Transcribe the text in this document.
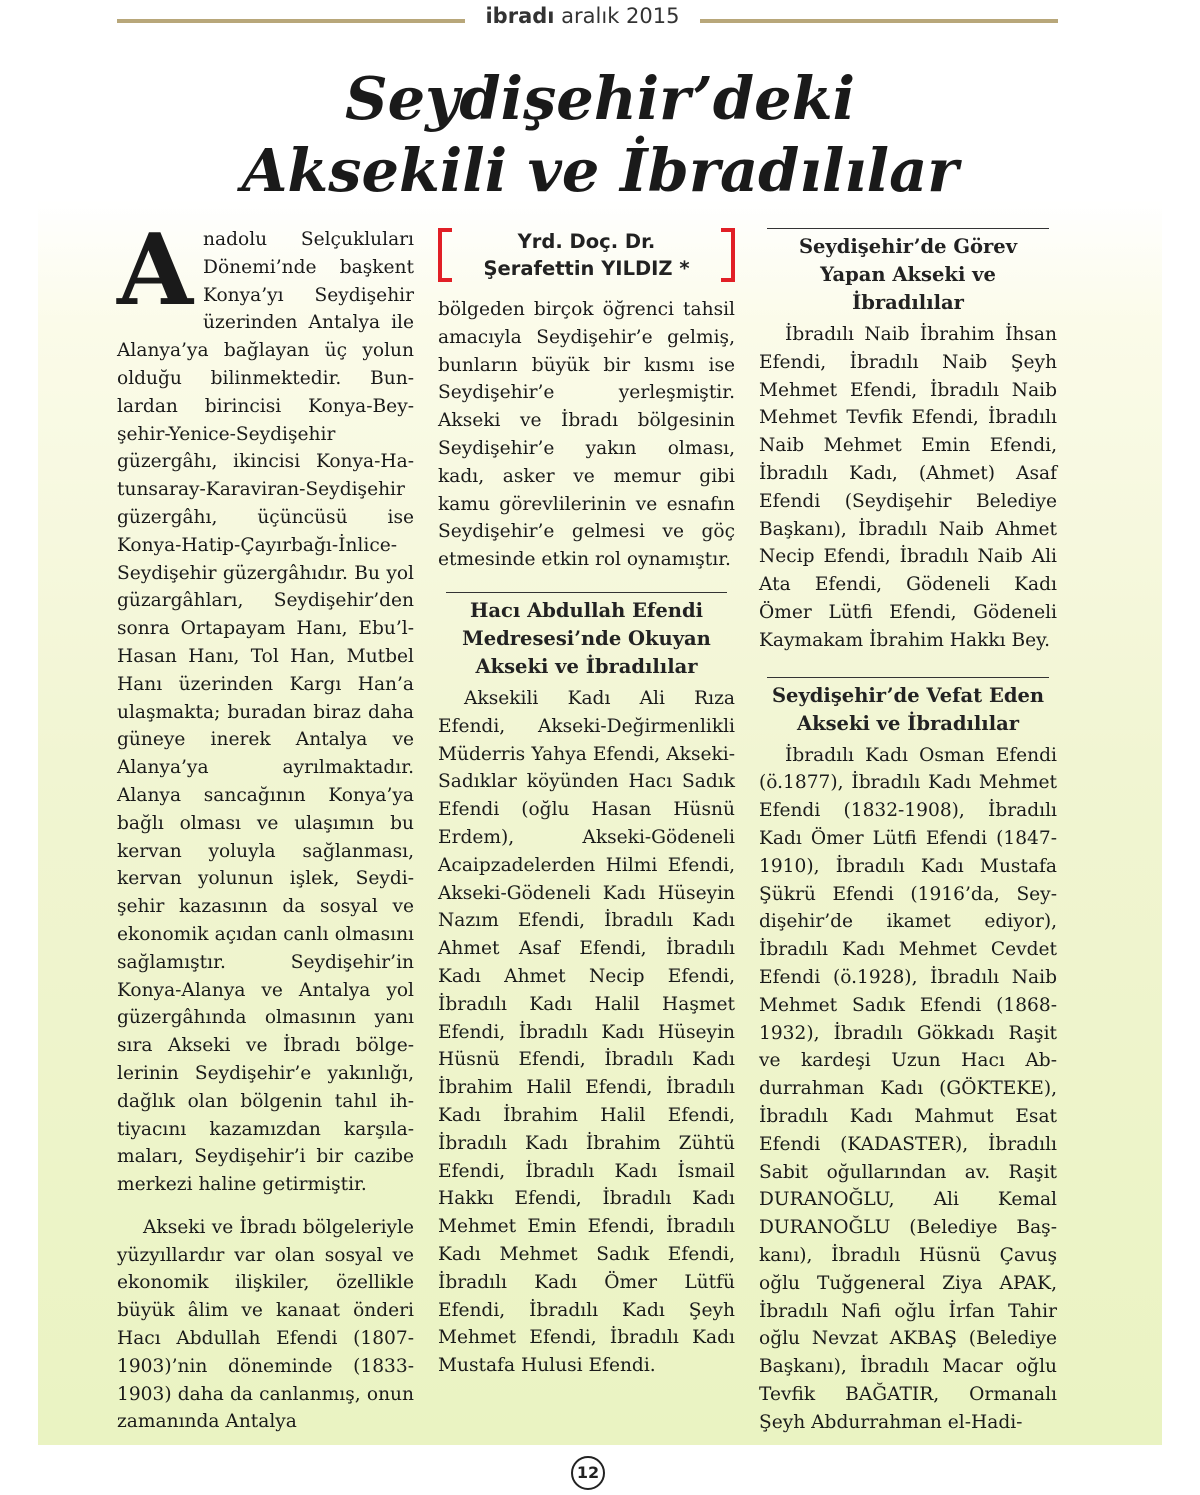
ibradı aralık 2015
Seydişehir’deki
Aksekili ve İbradılılar

Anadolu Selçukluları Dönemi’nde başkent Konya’yı Seydişehir üzerinden Antalya ile Alanya’ya bağlayan üç yolun olduğu bilinmektedir. Bunlardan birincisi Konya-Beyşehir-Yenice-Seydişehir güzergâhı, ikincisi Konya-Hatunsaray-Karaviran-Seydişehir güzergâhı, üçüncüsü ise Konya-Hatip-Çayırbağı-İnlice-Seydişehir güzergâhıdır. Bu yol güzargâhları, Seydişehir’den sonra Ortapayam Hanı, Ebu’l-Hasan Hanı, Tol Han, Mutbel Hanı üzerinden Kargı Han’a ulaşmakta; buradan biraz daha güneye inerek Antalya ve Alanya’ya ayrılmaktadır. Alanya sancağının Konya’ya bağlı olması ve ulaşımın bu kervan yoluyla sağlanması, kervan yolunun işlek, Seydişehir kazasının da sosyal ve ekonomik açıdan canlı olmasını sağlamıştır. Seydişehir’in Konya-Alanya ve Antalya yol güzergâhında olmasının yanı sıra Akseki ve İbradı bölgelerinin Seydişehir’e yakınlığı, dağlık olan bölgenin tahıl ihtiyacını kazamızdan karşılamaları, Seydişehir’i bir cazibe merkezi haline getirmiştir.

Akseki ve İbradı bölgeleriyle yüzyıllardır var olan sosyal ve ekonomik ilişkiler, özellikle büyük âlim ve kanaat önderi Hacı Abdullah Efendi (1807-1903)’nin döneminde (1833-1903) daha da canlanmış, onun zamanında Antalya

Yrd. Doç. Dr.
Şerafettin YILDIZ *

bölgeden birçok öğrenci tahsil amacıyla Seydişehir’e gelmiş, bunların büyük bir kısmı ise Seydişehir’e yerleşmiştir. Akseki ve İbradı bölgesinin Seydişehir’e yakın olması, kadı, asker ve memur gibi kamu görevlilerinin ve esnafın Seydişehir’e gelmesi ve göç etmesinde etkin rol oynamıştır.

Hacı Abdullah Efendi Medresesi’nde Okuyan Akseki ve İbradılılar

Aksekili Kadı Ali Rıza Efendi, Akseki-Değirmenlikli Müderris Yahya Efendi, Akseki-Sadıklar köyünden Hacı Sadık Efendi (oğlu Hasan Hüsnü Erdem), Akseki-Gödeneli Acaipzadelerden Hilmi Efendi, Akseki-Gödeneli Kadı Hüseyin Nazım Efendi, İbradılı Kadı Ahmet Asaf Efendi, İbradılı Kadı Ahmet Necip Efendi, İbradılı Kadı Halil Haşmet Efendi, İbradılı Kadı Hüseyin Hüsnü Efendi, İbradılı Kadı İbrahim Halil Efendi, İbradılı Kadı İbrahim Halil Efendi, İbradılı Kadı İbrahim Zühtü Efendi, İbradılı Kadı İsmail Hakkı Efendi, İbradılı Kadı Mehmet Emin Efendi, İbradılı Kadı Mehmet Sadık Efendi, İbradılı Kadı Ömer Lütfü Efendi, İbradılı Kadı Şeyh Mehmet Efendi, İbradılı Kadı Mustafa Hulusi Efendi.

Seydişehir’de Görev Yapan Akseki ve İbradılılar

İbradılı Naib İbrahim İhsan Efendi, İbradılı Naib Şeyh Mehmet Efendi, İbradılı Naib Mehmet Tevfik Efendi, İbradılı Naib Mehmet Emin Efendi, İbradılı Kadı, (Ahmet) Asaf Efendi (Seydişehir Belediye Başkanı), İbradılı Naib Ahmet Necip Efendi, İbradılı Naib Ali Ata Efendi, Gödeneli Kadı Ömer Lütfi Efendi, Gödeneli Kaymakam İbrahim Hakkı Bey.

Seydişehir’de Vefat Eden Akseki ve İbradılılar

İbradılı Kadı Osman Efendi (ö.1877), İbradılı Kadı Mehmet Efendi (1832-1908), İbradılı Kadı Ömer Lütfi Efendi (1847-1910), İbradılı Kadı Mustafa Şükrü Efendi (1916’da, Seydişehir’de ikamet ediyor), İbradılı Kadı Mehmet Cevdet Efendi (ö.1928), İbradılı Naib Mehmet Sadık Efendi (1868-1932), İbradılı Gökkadı Raşit ve kardeşi Uzun Hacı Abdurrahman Kadı (GÖKTEKE), İbradılı Kadı Mahmut Esat Efendi (KADASTER), İbradılı Sabit oğullarından av. Raşit DURANOĞLU, Ali Kemal DURANOĞLU (Belediye Başkanı), İbradılı Hüsnü Çavuş oğlu Tuğgeneral Ziya APAK, İbradılı Nafi oğlu İrfan Tahir oğlu Nevzat AKBAŞ (Belediye Başkanı), İbradılı Macar oğlu Tevfik BAĞATIR, Ormanalı Şeyh Abdurrahman el-Hadi-

12
